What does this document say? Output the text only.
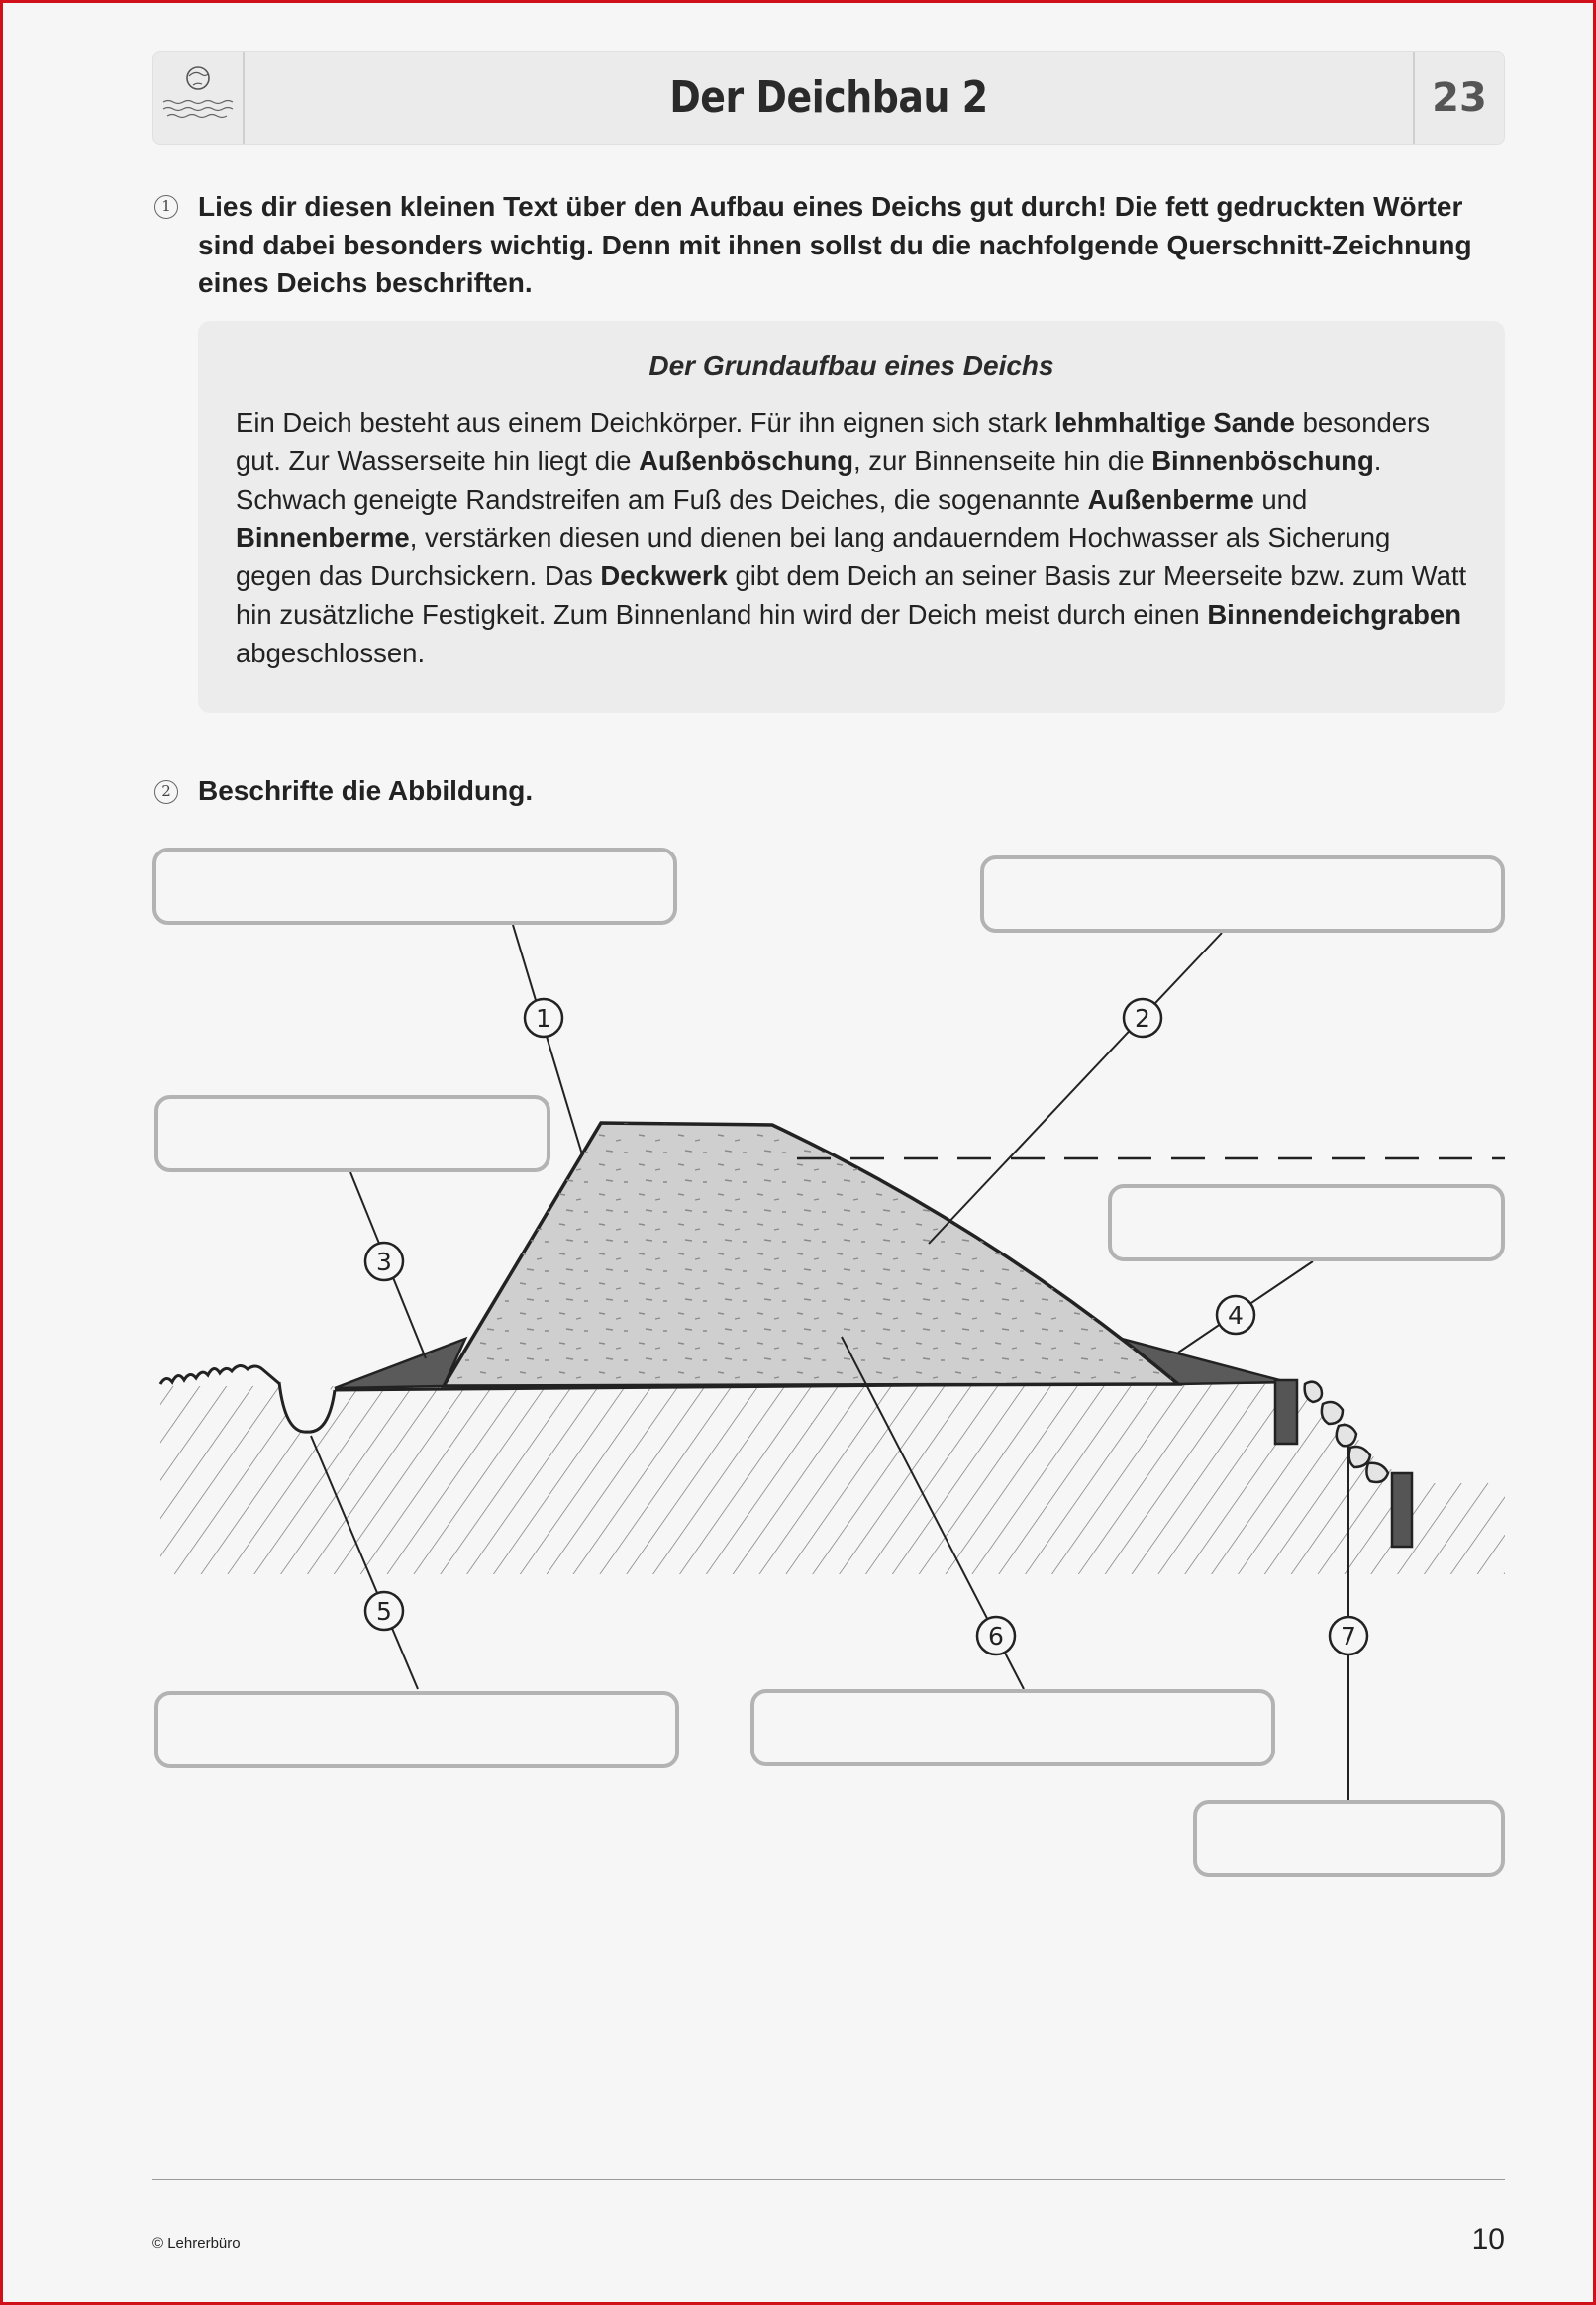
Der Deichbau 2	23
1 Lies dir diesen kleinen Text über den Aufbau eines Deichs gut durch! Die fett gedruckten Wörter sind dabei besonders wichtig. Denn mit ihnen sollst du die nachfolgende Querschnitt-Zeichnung eines Deichs beschriften.
Der Grundaufbau eines Deichs

Ein Deich besteht aus einem Deichkörper. Für ihn eignen sich stark lehmhaltige Sande besonders gut. Zur Wasserseite hin liegt die Außenböschung, zur Binnenseite hin die Binnenböschung. Schwach geneigte Randstreifen am Fuß des Deiches, die sogenannte Außenberme und Binnenberme, verstärken diesen und dienen bei lang andauerndem Hochwasser als Sicherung gegen das Durchsickern. Das Deckwerk gibt dem Deich an seiner Basis zur Meerseite bzw. zum Watt hin zusätzliche Festigkeit. Zum Binnenland hin wird der Deich meist durch einen Binnendeichgraben abgeschlossen.

2 Beschrifte die Abbildung.
1	2
3
4
5
6	7
© Lehrerbüro	10
